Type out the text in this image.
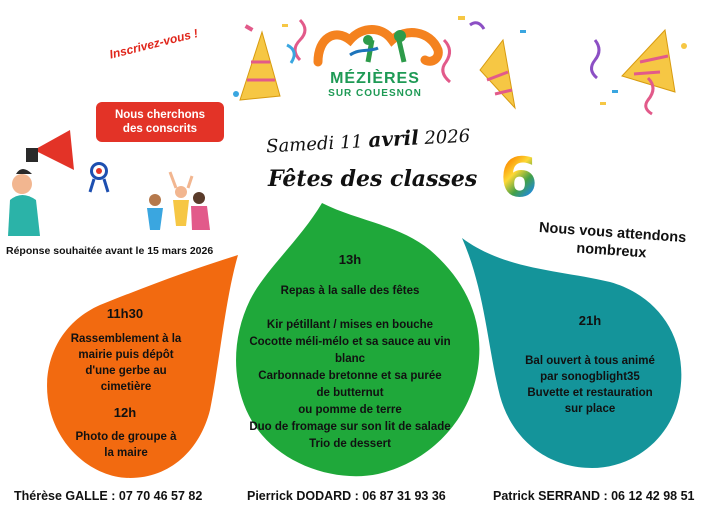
MÉZIÈRES
SUR COUESNON
Inscrivez-vous !
Nous cherchons
des conscrits
Réponse souhaitée avant le 15 mars 2026
Samedi 11 avril 2026
Fêtes des classes 6
Nous vous attendons
nombreux
11h30
Rassemblement à la
mairie puis dépôt
d'une gerbe au
cimetière
12h
Photo de groupe à
la maire
13h
Repas à la salle des fêtes
Kir pétillant / mises en bouche
Cocotte méli-mélo et sa sauce au vin blanc
Carbonnade bretonne et sa purée
de butternut
ou pomme de terre
Duo de fromage sur son lit de salade
Trio de dessert
21h
Bal ouvert à tous animé
par sonogblight35
Buvette et restauration
sur place
Thérèse GALLE : 07 70 46 57 82	Pierrick DODARD : 06 87 31 93 36	Patrick SERRAND : 06 12 42 98 51
